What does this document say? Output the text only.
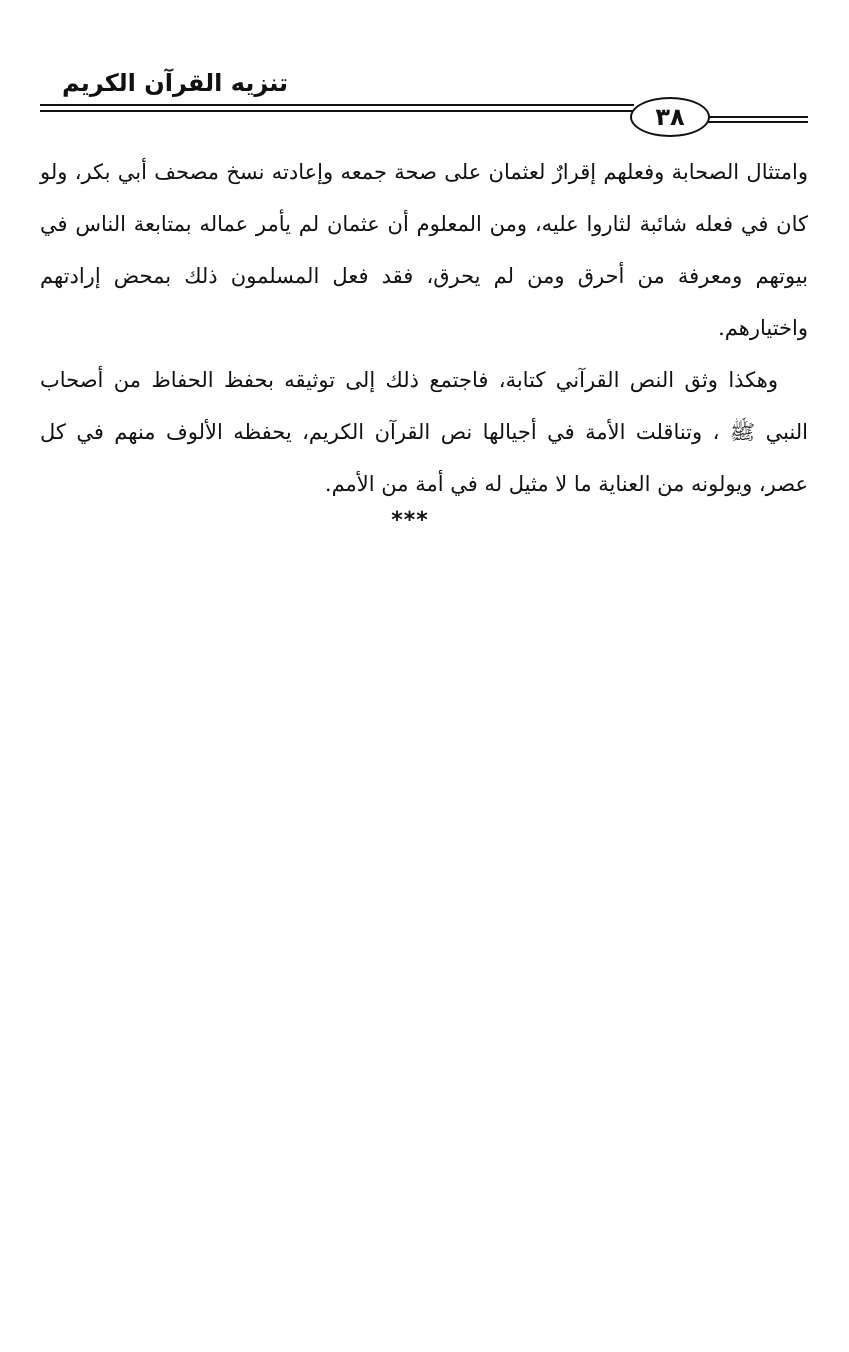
تنزيه القرآن الكريم
٣٨

وامتثال الصحابة وفعلهم إقرارٌ لعثمان على صحة جمعه وإعادته نسخ مصحف أبي بكر، ولو كان في فعله شائبة لثاروا عليه، ومن المعلوم أن عثمان لم يأمر عماله بمتابعة الناس في بيوتهم ومعرفة من أحرق ومن لم يحرق، فقد فعل المسلمون ذلك بمحض إرادتهم واختيارهم.

وهكذا وثق النص القرآني كتابة، فاجتمع ذلك إلى توثيقه بحفظ الحفاظ من أصحاب النبي ﷺ ، وتناقلت الأمة في أجيالها نص القرآن الكريم، يحفظه الألوف منهم في كل عصر، ويولونه من العناية ما لا مثيل له في أمة من الأمم.

***
